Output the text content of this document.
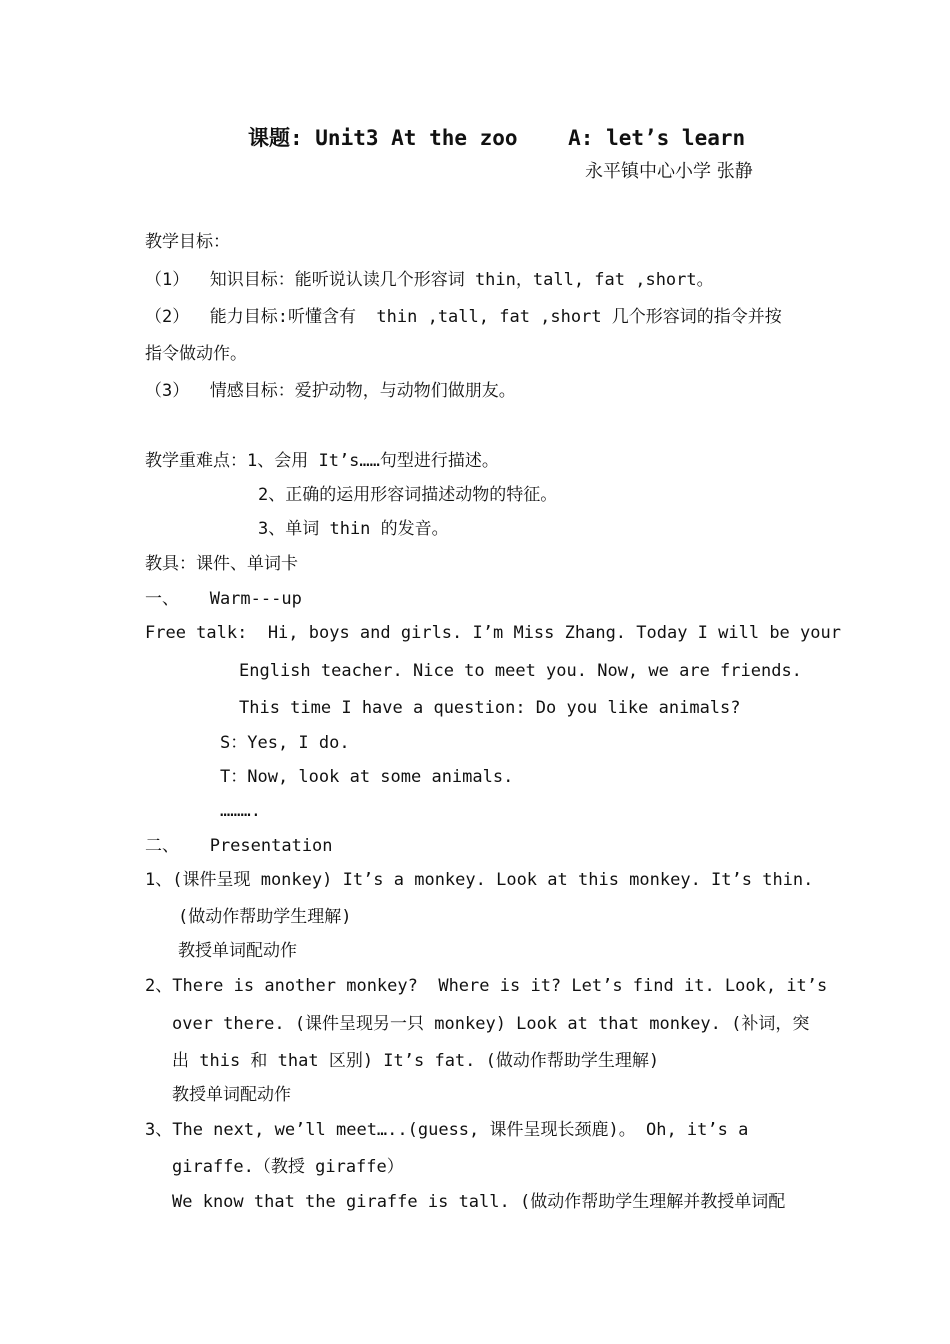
课题: Unit3 At the zoo    A: let’s learn
永平镇中心小学 张静
教学目标：
（1）  知识目标：能听说认读几个形容词 thin，tall, fat ,short。
（2）  能力目标:听懂含有  thin ,tall, fat ,short 几个形容词的指令并按
指令做动作。
（3）  情感目标：爱护动物，与动物们做朋友。
教学重难点：1、会用 It’s……句型进行描述。
2、正确的运用形容词描述动物的特征。
3、单词 thin 的发音。
教具：课件、单词卡
一、   Warm---up
Free talk:  Hi, boys and girls. I’m Miss Zhang. Today I will be your
English teacher. Nice to meet you. Now, we are friends.
This time I have a question: Do you like animals?
S：Yes, I do.
T：Now, look at some animals.
……….
二、   Presentation
1、(课件呈现 monkey) It’s a monkey. Look at this monkey. It’s thin.
(做动作帮助学生理解)
教授单词配动作
2、There is another monkey?  Where is it? Let’s find it. Look, it’s
over there. (课件呈现另一只 monkey) Look at that monkey. (补词，突
出 this 和 that 区别) It’s fat. (做动作帮助学生理解)
教授单词配动作
3、The next, we’ll meet…..(guess, 课件呈现长颈鹿)。 Oh, it’s a
giraffe.（教授 giraffe）
We know that the giraffe is tall. (做动作帮助学生理解并教授单词配
